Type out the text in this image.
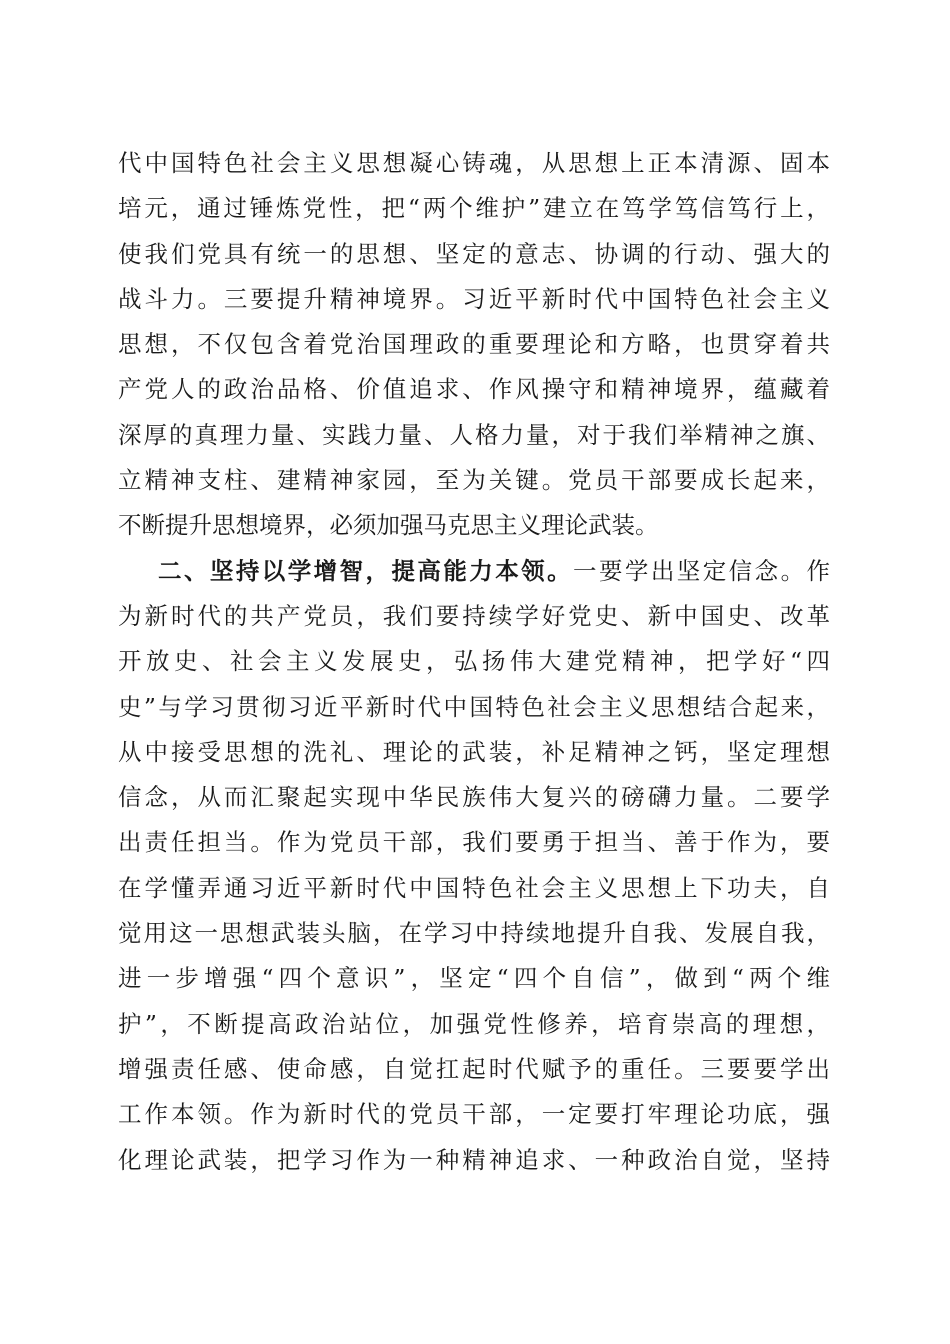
代中国特色社会主义思想凝心铸魂，从思想上正本清源、固本
培元，通过锤炼党性，把“两个维护”建立在笃学笃信笃行上，
使我们党具有统一的思想、坚定的意志、协调的行动、强大的
战斗力。三要提升精神境界。习近平新时代中国特色社会主义
思想，不仅包含着党治国理政的重要理论和方略，也贯穿着共
产党人的政治品格、价值追求、作风操守和精神境界，蕴藏着
深厚的真理力量、实践力量、人格力量，对于我们举精神之旗、
立精神支柱、建精神家园，至为关键。党员干部要成长起来，
不断提升思想境界，必须加强马克思主义理论武装。
二、坚持以学增智，提高能力本领。一要学出坚定信念。作
为新时代的共产党员，我们要持续学好党史、新中国史、改革
开放史、社会主义发展史，弘扬伟大建党精神，把学好“四
史”与学习贯彻习近平新时代中国特色社会主义思想结合起来，
从中接受思想的洗礼、理论的武装，补足精神之钙，坚定理想
信念，从而汇聚起实现中华民族伟大复兴的磅礴力量。二要学
出责任担当。作为党员干部，我们要勇于担当、善于作为，要
在学懂弄通习近平新时代中国特色社会主义思想上下功夫，自
觉用这一思想武装头脑，在学习中持续地提升自我、发展自我，
进一步增强“四个意识”，坚定“四个自信”，做到“两个维
护”，不断提高政治站位，加强党性修养，培育崇高的理想，
增强责任感、使命感，自觉扛起时代赋予的重任。三要要学出
工作本领。作为新时代的党员干部，一定要打牢理论功底，强
化理论武装，把学习作为一种精神追求、一种政治自觉，坚持
